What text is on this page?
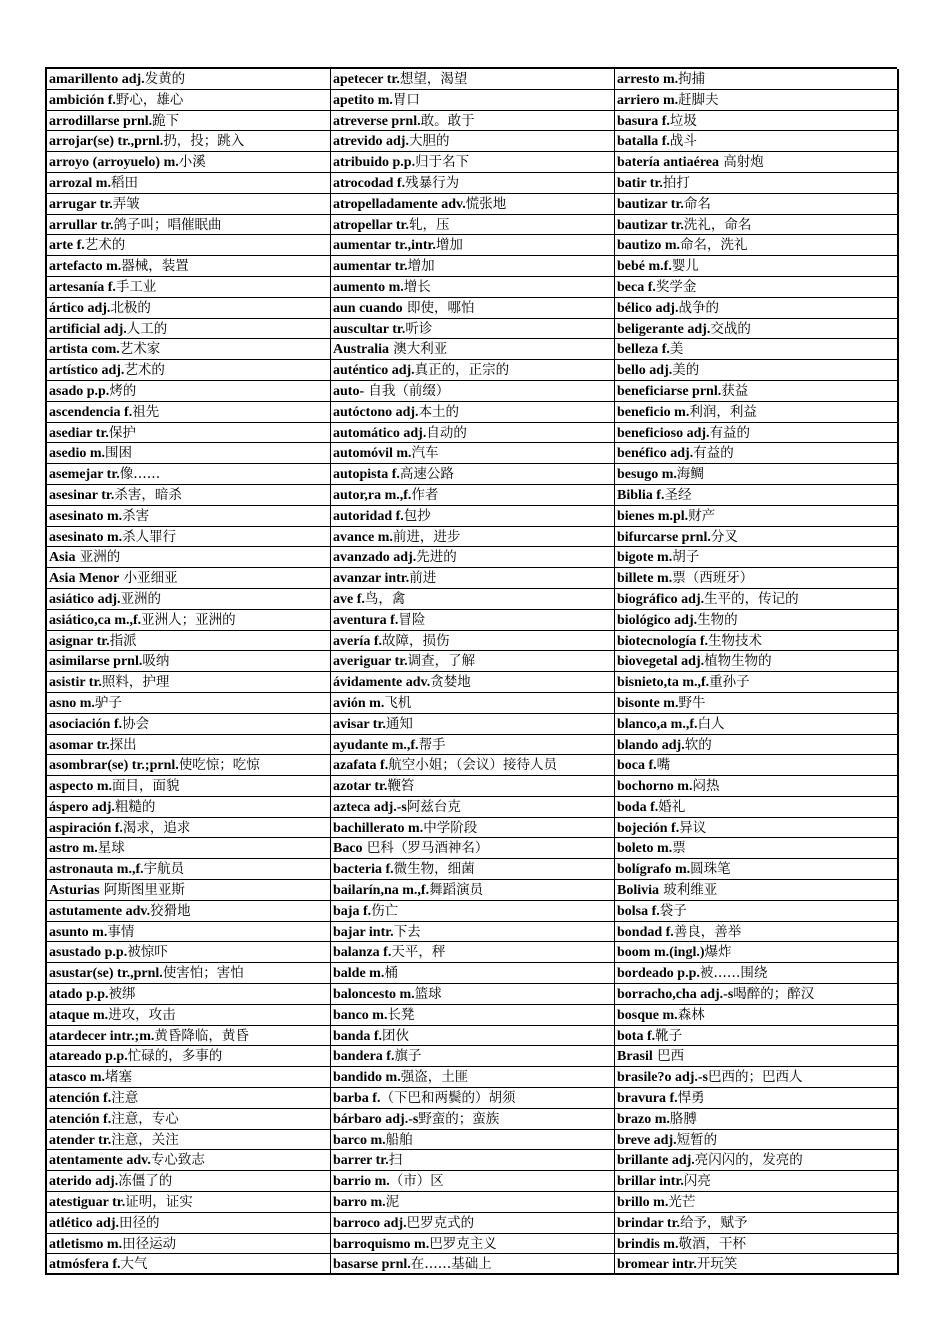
amarillento adj.发黄的
ambición f.野心，雄心
arrodillarse prnl.跪下
arrojar(se) tr.,prnl.扔，投；跳入
arroyo (arroyuelo) m.小溪
arrozal m.稻田
arrugar tr.弄皱
arrullar tr.鸽子叫；唱催眠曲
arte f.艺术的
artefacto m.器械，装置
artesanía f.手工业
ártico adj.北极的
artificial adj.人工的
artista com.艺术家
artístico adj.艺术的
asado p.p.烤的
ascendencia f.祖先
asediar tr.保护
asedio m.围困
asemejar tr.像……
asesinar tr.杀害，暗杀
asesinato m.杀害
asesinato m.杀人罪行
Asia 亚洲的
Asia Menor 小亚细亚
asiático adj.亚洲的
asiático,ca m.,f.亚洲人；亚洲的
asignar tr.指派
asimilarse prnl.吸纳
asistir tr.照料，护理
asno m.驴子
asociación f.协会
asomar tr.探出
asombrar(se) tr.;prnl.使吃惊；吃惊
aspecto m.面目，面貌
áspero adj.粗糙的
aspiración f.渴求，追求
astro m.星球
astronauta m.,f.宇航员
Asturias 阿斯图里亚斯
astutamente adv.狡猾地
asunto m.事情
asustado p.p.被惊吓
asustar(se) tr.,prnl.使害怕；害怕
atado p.p.被绑
ataque m.进攻，攻击
atardecer intr.;m.黄昏降临，黄昏
atareado p.p.忙碌的，多事的
atasco m.堵塞
atención f.注意
atención f.注意，专心
atender tr.注意，关注
atentamente adv.专心致志
aterido adj.冻僵了的
atestiguar tr.证明，证实
atlético adj.田径的
atletismo m.田径运动
atmósfera f.大气
apetecer tr.想望，渴望
apetito m.胃口
atreverse prnl.敢。敢于
atrevido adj.大胆的
atribuido p.p.归于名下
atrocodad f.残暴行为
atropelladamente adv.慌张地
atropellar tr.轧，压
aumentar tr.,intr.增加
aumentar tr.增加
aumento m.增长
aun cuando 即使，哪怕
auscultar tr.听诊
Australia 澳大利亚
auténtico adj.真正的，正宗的
auto- 自我（前缀）
autóctono adj.本土的
automático adj.自动的
automóvil m.汽车
autopista f.高速公路
autor,ra m.,f.作者
autoridad f.包抄
avance m.前进，进步
avanzado adj.先进的
avanzar intr.前进
ave f.鸟，禽
aventura f.冒险
avería f.故障，损伤
averiguar tr.调查，了解
ávidamente adv.贪婪地
avión m.飞机
avisar tr.通知
ayudante m.,f.帮手
azafata f.航空小姐；（会议）接待人员
azotar tr.鞭笞
azteca adj.-s阿兹台克
bachillerato m.中学阶段
Baco 巴科（罗马酒神名）
bacteria f.微生物，细菌
bailarín,na m.,f.舞蹈演员
baja f.伤亡
bajar intr.下去
balanza f.天平，秤
balde m.桶
baloncesto m.篮球
banco m.长凳
banda f.团伙
bandera f.旗子
bandido m.强盗，土匪
barba f.（下巴和两鬓的）胡须
bárbaro adj.-s野蛮的；蛮族
barco m.船舶
barrer tr.扫
barrio m.（市）区
barro m.泥
barroco adj.巴罗克式的
barroquismo m.巴罗克主义
basarse prnl.在……基础上
arresto m.拘捕
arriero m.赶脚夫
basura f.垃圾
batalla f.战斗
batería antiaérea 高射炮
batir tr.拍打
bautizar tr.命名
bautizar tr.洗礼，命名
bautizo m.命名，洗礼
bebé m.f.婴儿
beca f.奖学金
bélico adj.战争的
beligerante adj.交战的
belleza f.美
bello adj.美的
beneficiarse prnl.获益
beneficio m.利润，利益
beneficioso adj.有益的
benéfico adj.有益的
besugo m.海鲷
Biblia f.圣经
bienes m.pl.财产
bifurcarse prnl.分叉
bigote m.胡子
billete m.票（西班牙）
biográfico adj.生平的，传记的
biológico adj.生物的
biotecnología f.生物技术
biovegetal adj.植物生物的
bisnieto,ta m.,f.重孙子
bisonte m.野牛
blanco,a m.,f.白人
blando adj.软的
boca f.嘴
bochorno m.闷热
boda f.婚礼
bojeción f.异议
boleto m.票
bolígrafo m.圆珠笔
Bolivia 玻利维亚
bolsa f.袋子
bondad f.善良，善举
boom m.(ingl.)爆炸
bordeado p.p.被……围绕
borracho,cha adj.-s喝醉的；醉汉
bosque m.森林
bota f.靴子
Brasil 巴西
brasile?o adj.-s巴西的；巴西人
bravura f.悍勇
brazo m.胳膊
breve adj.短暂的
brillante adj.亮闪闪的，发亮的
brillar intr.闪亮
brillo m.光芒
brindar tr.给予，赋予
brindis m.敬酒，干杯
bromear intr.开玩笑
